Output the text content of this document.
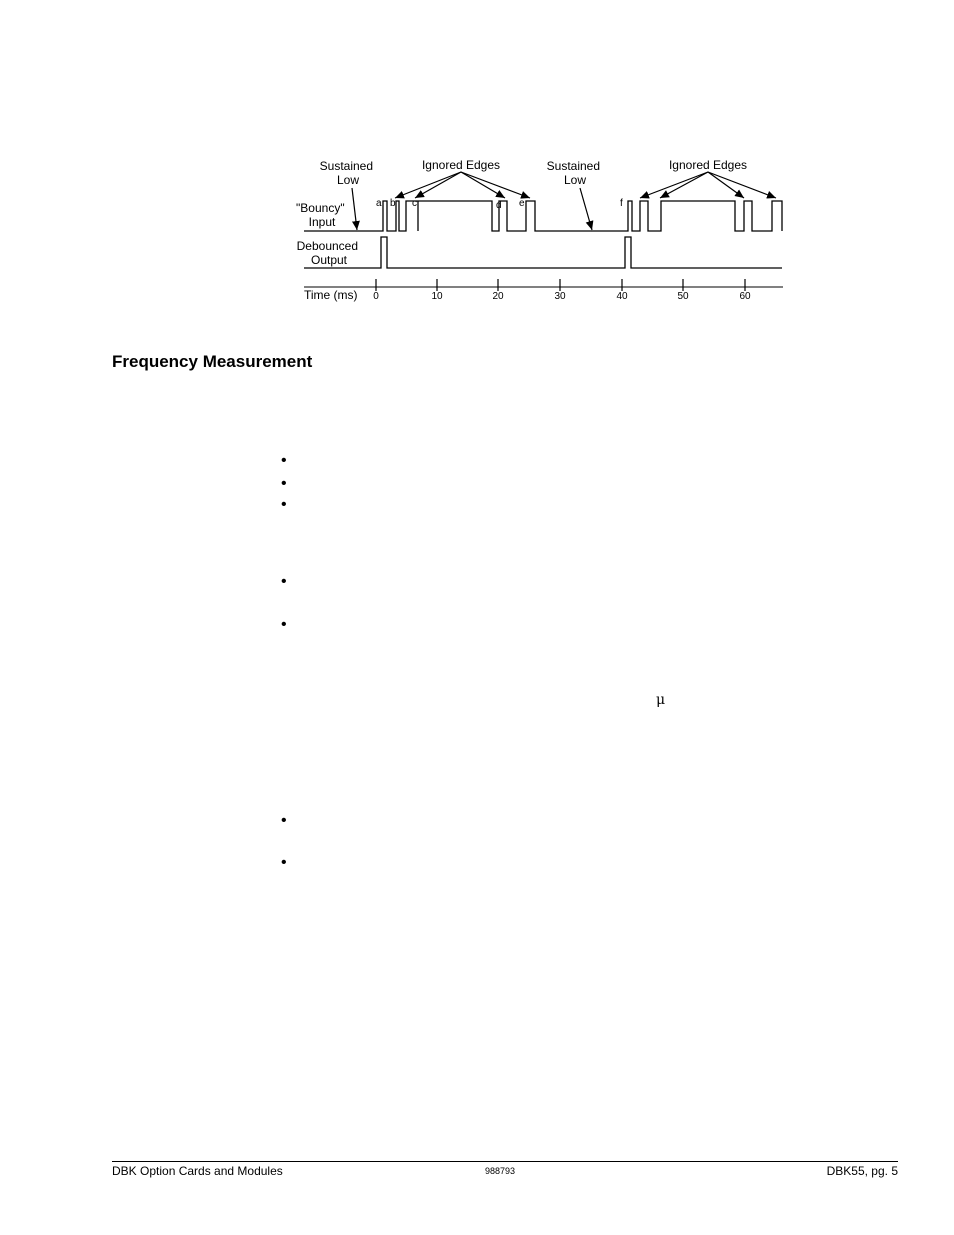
Sustained Low
Ignored Edges	Sustained Low
Ignored Edges
"Bouncy" Input
Debounced Output
Time (ms)
a b c	d e	f
0	10	20	30	40	50	60
Frequency Measurement
•
•
•
•
•
•
•
μ
DBK Option Cards and Modules	988793	DBK55, pg. 5
